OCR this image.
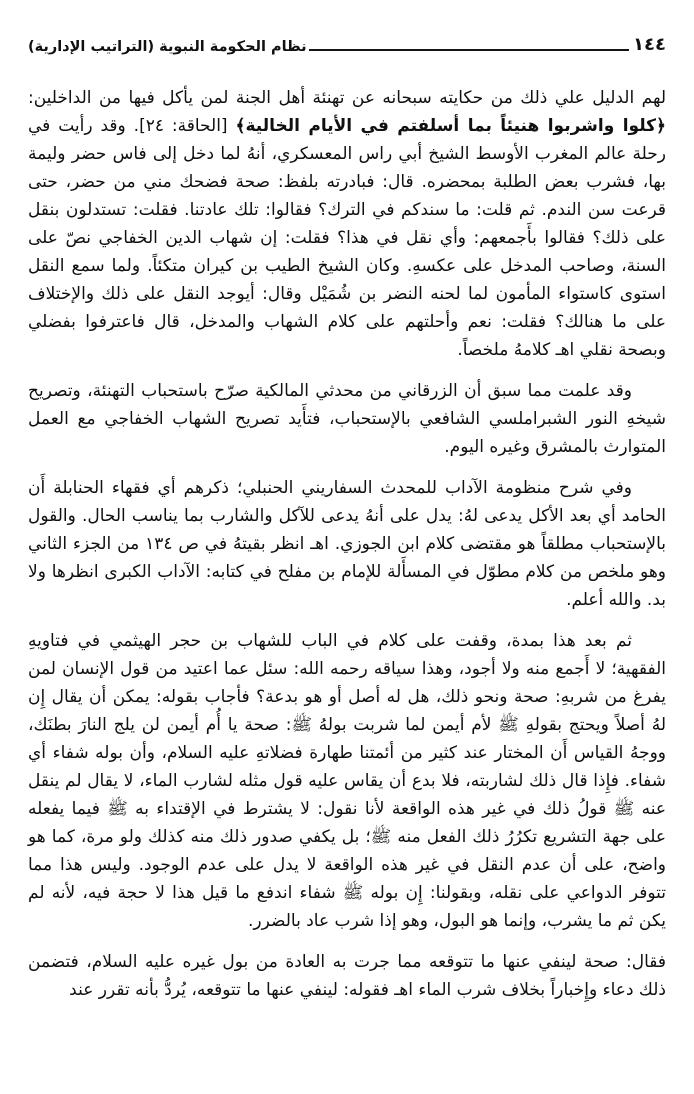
١٤٤
نظام الحكومة النبوية (التراتيب الإدارية)

لهم الدليل علي ذلك من حكايته سبحانه عن تهنئة أهل الجنة لمن يأكل فيها من الداخلين: ﴿كلوا واشربوا هنيئاً بما أسلفتم في الأيام الخالية﴾ [الحاقة: ٢٤]. وقد رأيت في رحلة عالم المغرب الأوسط الشيخ أبي راس المعسكري، أنهُ لما دخل إلى فاس حضر وليمة بها، فشرب بعض الطلبة بمحضره. قال: فبادرته بلفظ: صحة فضحك مني من حضر، حتى قرعت سن الندم. ثم قلت: ما سندكم في الترك؟ فقالوا: تلك عادتنا. فقلت: تستدلون بنقل على ذلك؟ فقالوا بأَجمعهم: وأي نقل في هذا؟ فقلت: إن شهاب الدين الخفاجي نصّ على السنة، وصاحب المدخل على عكسهِ. وكان الشيخ الطيب بن كيران متكئاً. ولما سمع النقل استوى كاستواء المأمون لما لحنه النضر بن شُمَيْل وقال: أيوجد النقل على ذلك والإختلاف على ما هنالك؟ فقلت: نعم وأحلتهم على كلام الشهاب والمدخل، قال فاعترفوا بفضلي وبصحة نقلي اهـ كلامهُ ملخصاً.

وقد علمت مما سبق أن الزرقاني من محدثي المالكية صرّح باستحباب التهنئة، وتصريح شيخهِ النور الشبراملسي الشافعي بالإستحباب، فتأَيد تصريح الشهاب الخفاجي مع العمل المتوارث بالمشرق وغيره اليوم.

وفي شرح منظومة الآداب للمحدث السفاريني الحنبلي؛ ذكرهم أي فقهاء الحنابلة أَن الحامد أي بعد الأكل يدعى لهُ: يدل على أنهُ يدعى للآكل والشارب بما يناسب الحال. والقول بالإستحباب مطلقاً هو مقتضى كلام ابن الجوزي. اهـ انظر بقيتهُ في ص ١٣٤ من الجزء الثاني وهو ملخص من كلام مطوّل في المسأَلة للإمام بن مفلح في كتابه: الآداب الكبرى انظرها ولا بد. والله أعلم.

ثم بعد هذا بمدة، وقفت على كلام في الباب للشهاب بن حجر الهيثمي في فتاويهِ الفقهية؛ لا أَجمع منه ولا أجود، وهذا سياقه رحمه الله: سئل عما اعتيد من قول الإنسان لمن يفرغ من شربهِ: صحة ونحو ذلك، هل له أصل أو هو بدعة؟ فأجاب بقوله: يمكن أن يقال إِن لهُ أصلاً ويحتج بقولهِ ﷺ لأم أيمن لما شربت بولهُ ﷺ: صحة يا أُم أيمن لن يلج النارَ بطنَك، ووجهُ القياس أَن المختار عند كثير من أئمتنا طهارة فضلاتهِ عليه السلام، وأن بوله شفاء أي شفاء. فإِذا قال ذلك لشاربته، فلا بدع أن يقاس عليه قول مثله لشارب الماء، لا يقال لم ينقل عنه ﷺ قولُ ذلك في غير هذه الواقعة لأنا نقول: لا يشترط في الإقتداء به ﷺ فيما يفعله على جهة التشريع تكرُرُ ذلك الفعل منه ﷺ؛ بل يكفي صدور ذلك منه كذلك ولو مرة، كما هو واضح، على أن عدم النقل في غير هذه الواقعة لا يدل على عدم الوجود. وليس هذا مما تتوفر الدواعي على نقله، وبقولنا: إِن بوله ﷺ شفاء اندفع ما قيل هذا لا حجة فيه، لأنه لم يكن ثم ما يشرب، وإنما هو البول، وهو إذا شرب عاد بالضرر.

فقال: صحة لينفي عنها ما تتوقعه مما جرت به العادة من بول غيره عليه السلام، فتضمن ذلك دعاء وإِخباراً بخلاف شرب الماء اهـ فقوله: لينفي عنها ما تتوقعه، يُردُّ بأنه تقرر عند
